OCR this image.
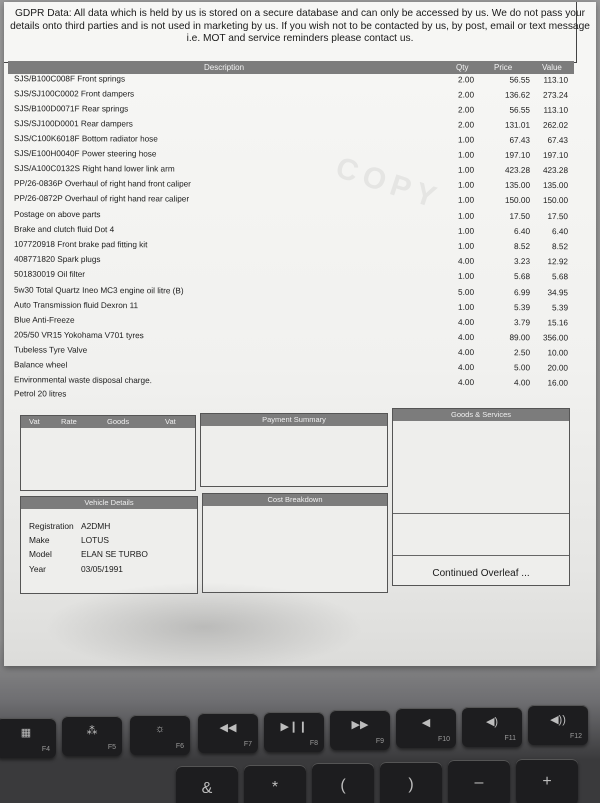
GDPR Data: All data which is held by us is stored on a secure database and can only be accessed by us. We do not pass your details onto third parties and is not used in marketing by us. If you wish not to be contacted by us, by post, email or text message i.e. MOT and service reminders please contact us.
Description	Qty	Price	Value
SJS/B100C008F Front springs	2.00	56.55	113.10
SJS/SJ100C0002 Front dampers	2.00	136.62	273.24
SJS/B100D0071F Rear springs	2.00	56.55	113.10
SJS/SJ100D0001 Rear dampers	2.00	131.01	262.02
SJS/C100K6018F Bottom radiator hose	1.00	67.43	67.43
SJS/E100H0040F Power steering hose	1.00	197.10	197.10
SJS/A100C0132S Right hand lower link arm	1.00	423.28	423.28
PP/26-0836P Overhaul of right hand front caliper	1.00	135.00	135.00
PP/26-0872P Overhaul of right hand rear caliper	1.00	150.00	150.00
Postage on above parts	1.00	17.50	17.50
Brake and clutch fluid Dot 4	1.00	6.40	6.40
107720918 Front brake pad fitting kit	1.00	8.52	8.52
408771820 Spark plugs	4.00	3.23	12.92
501830019 Oil filter	1.00	5.68	5.68
5w30 Total Quartz Ineo MC3 engine oil litre (B)	5.00	6.99	34.95
Auto Transmission fluid Dexron 11	1.00	5.39	5.39
Blue Anti-Freeze	4.00	3.79	15.16
205/50 VR15 Yokohama V701 tyres	4.00	89.00	356.00
Tubeless Tyre Valve	4.00	2.50	10.00
Balance wheel	4.00	5.00	20.00
Environmental waste disposal charge.	4.00	4.00	16.00
Petrol 20 litres
COPY
Vat	Rate	Goods	Vat	Payment Summary
Goods & Services
Continued Overleaf ...
Vehicle Details
Registration A2DMH
Make	LOTUS
Model	ELAN SE TURBO
Year	03/05/1991
Cost Breakdown
▦
F4
⁂
F5
☼
F6
◀◀
F7
▶❙❙
F8
▶▶
F9
◀
F10
◀)
F11
◀))
F12
&	*	(	)	–	+
